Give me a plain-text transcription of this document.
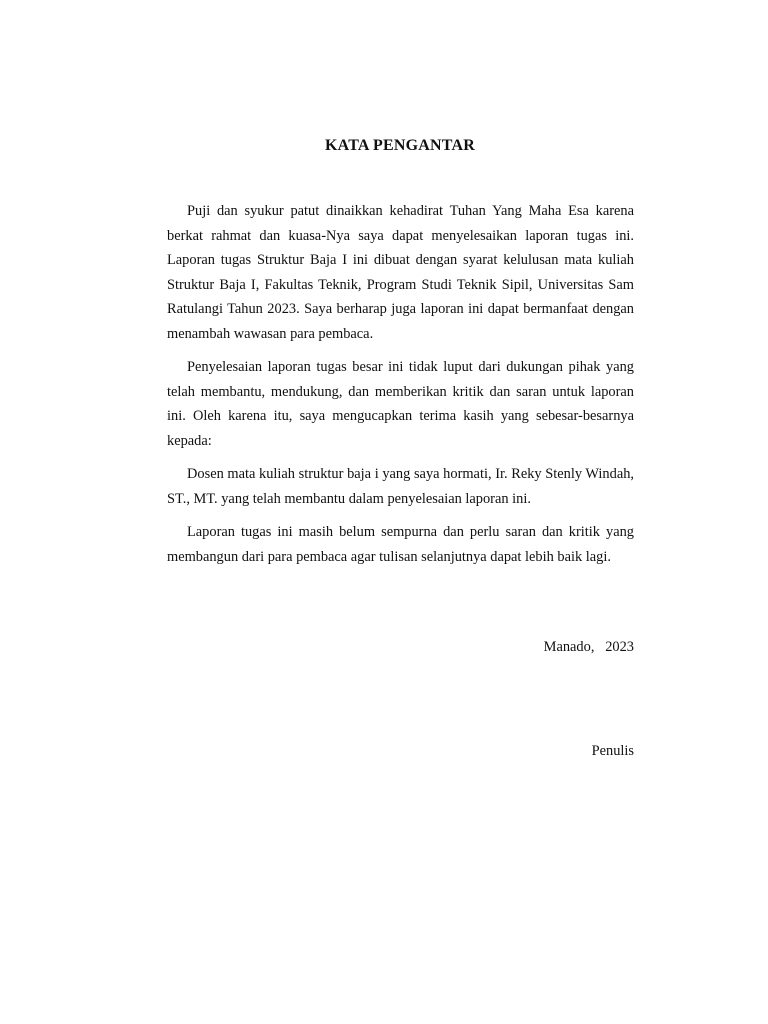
KATA PENGANTAR

Puji dan syukur patut dinaikkan kehadirat Tuhan Yang Maha Esa karena berkat rahmat dan kuasa-Nya saya dapat menyelesaikan laporan tugas ini. Laporan tugas Struktur Baja I ini dibuat dengan syarat kelulusan mata kuliah Struktur Baja I, Fakultas Teknik, Program Studi Teknik Sipil, Universitas Sam Ratulangi Tahun 2023. Saya berharap juga laporan ini dapat bermanfaat dengan menambah wawasan para pembaca.

Penyelesaian laporan tugas besar ini tidak luput dari dukungan pihak yang telah membantu, mendukung, dan memberikan kritik dan saran untuk laporan ini. Oleh karena itu, saya mengucapkan terima kasih yang sebesar-besarnya kepada:

Dosen mata kuliah struktur baja i yang saya hormati, Ir. Reky Stenly Windah, ST., MT. yang telah membantu dalam penyelesaian laporan ini.

Laporan tugas ini masih belum sempurna dan perlu saran dan kritik yang membangun dari para pembaca agar tulisan selanjutnya dapat lebih baik lagi.

Manado,   2023

Penulis
